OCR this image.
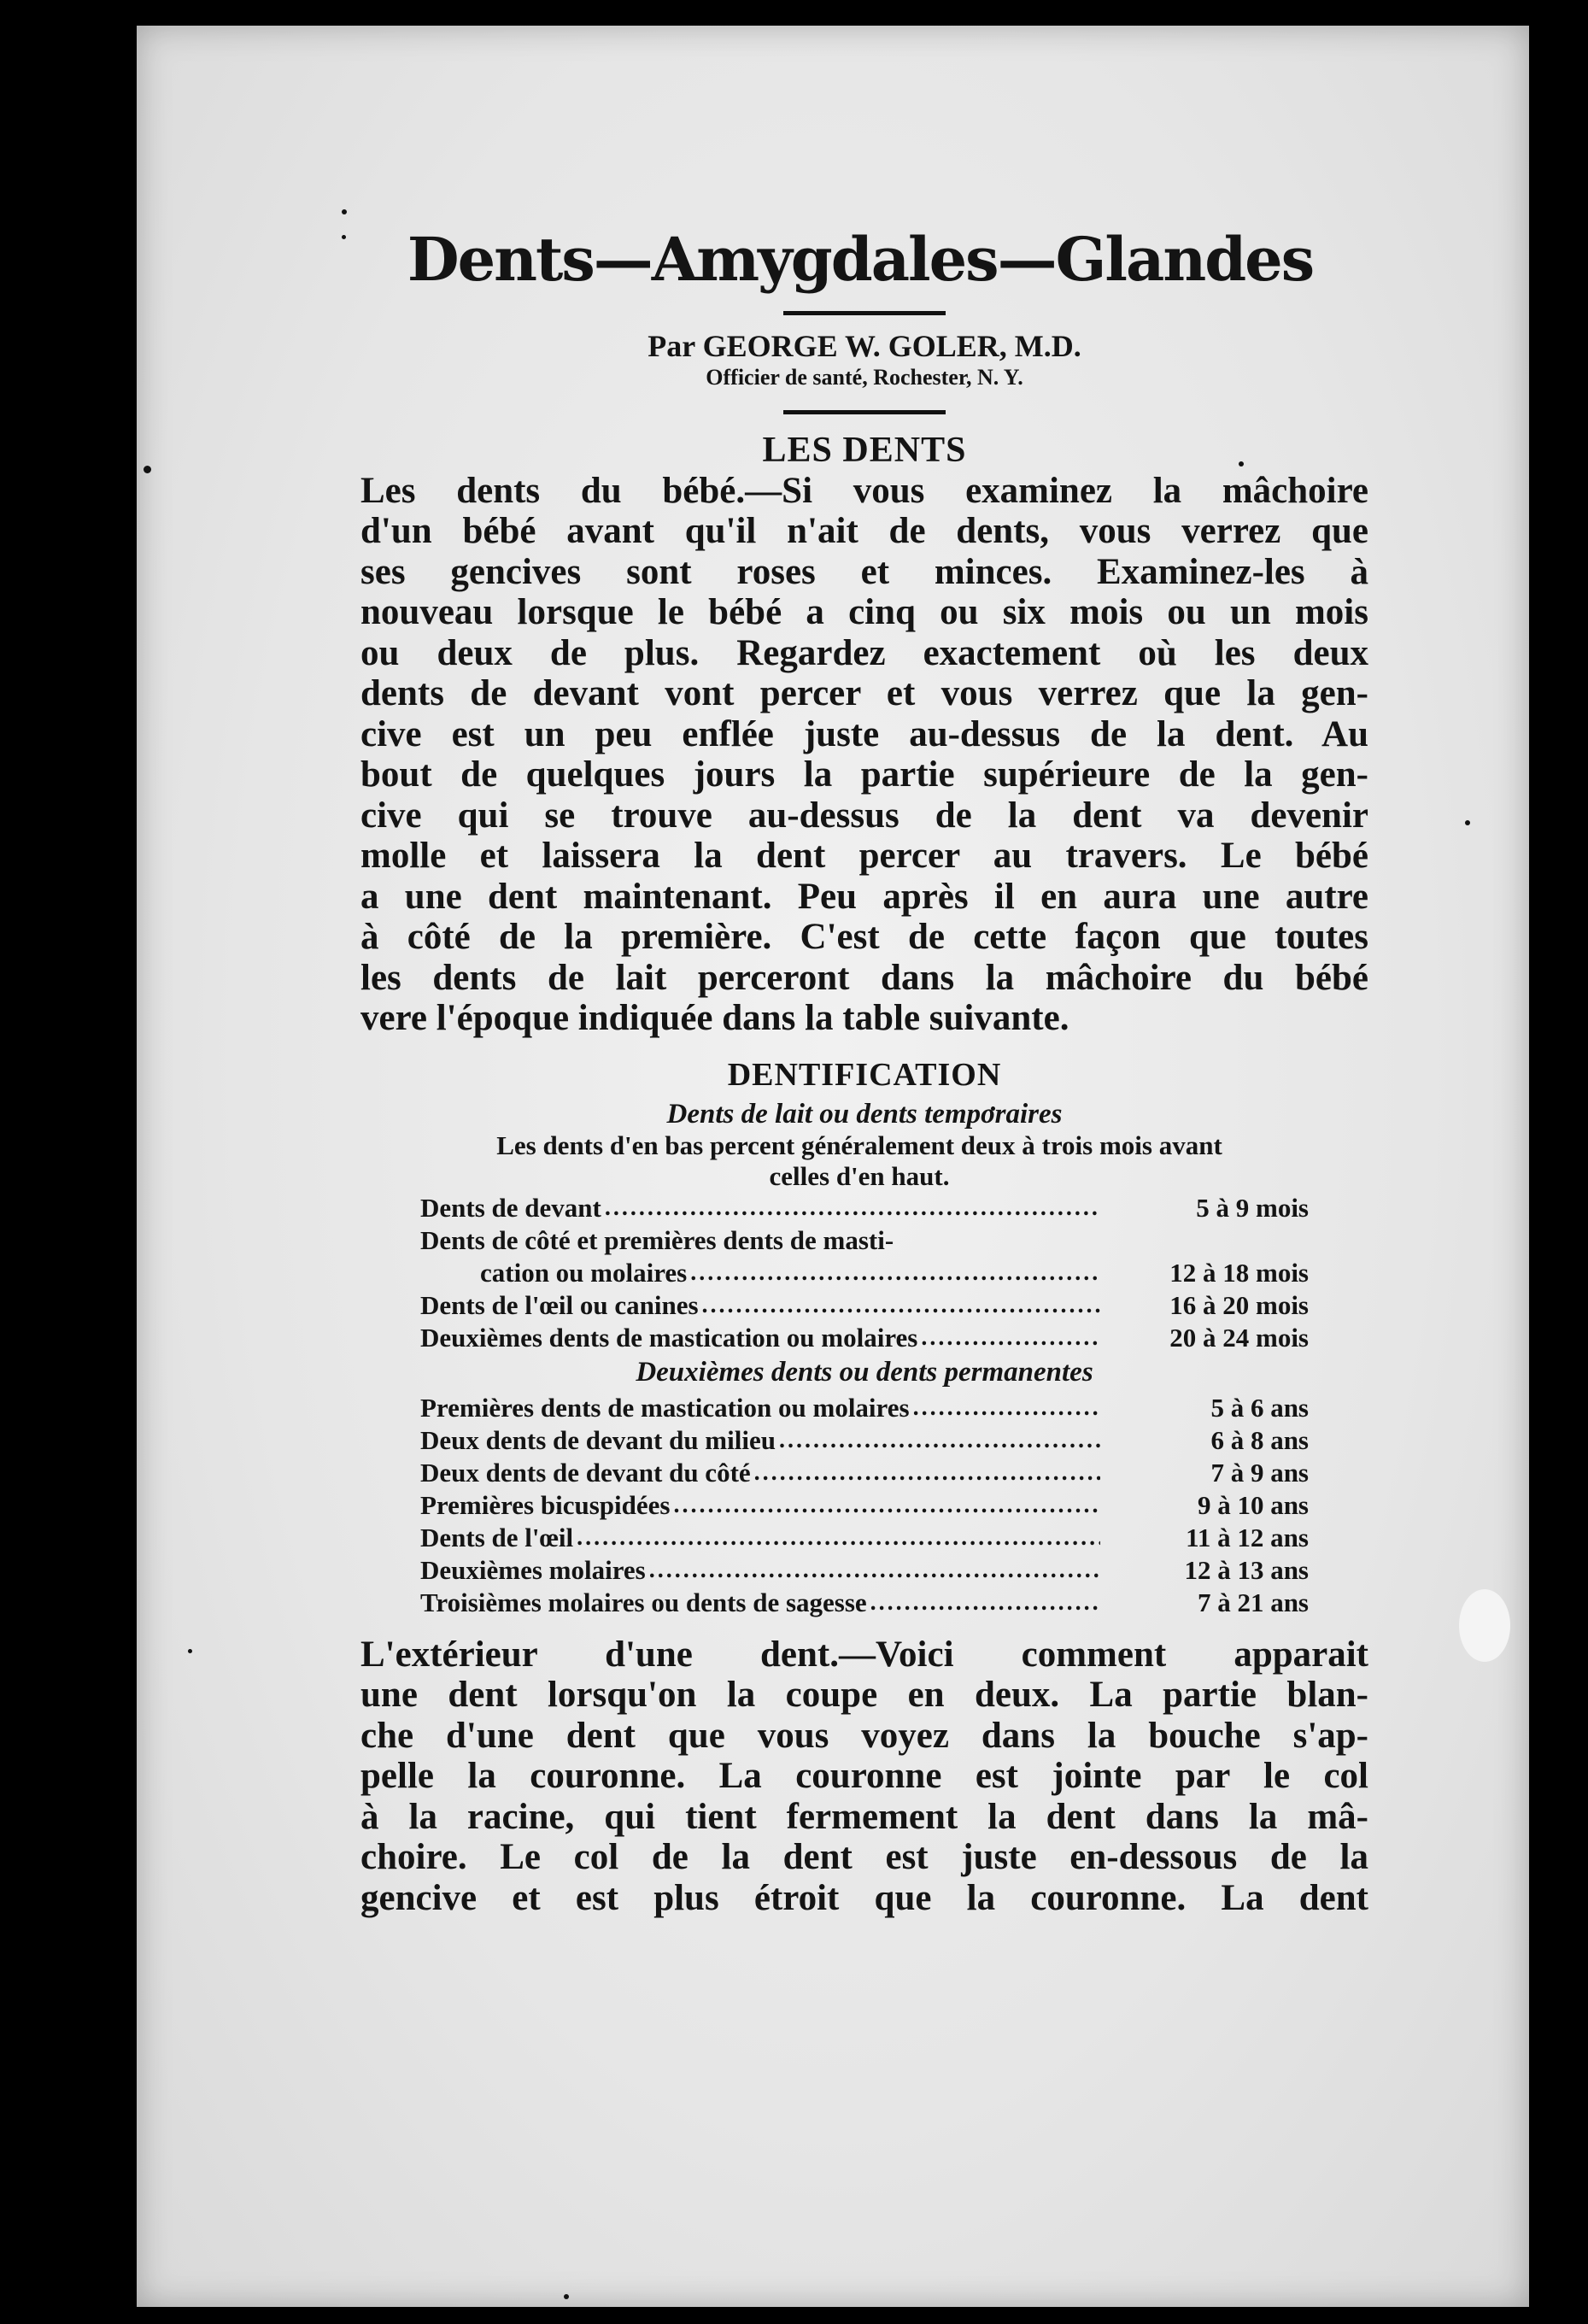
Dents—Amygdales—Glandes
Par GEORGE W. GOLER, M.D.
Officier de santé, Rochester, N. Y.
LES DENTS
Les dents du bébé.—Si vous examinez la mâchoire
d'un bébé avant qu'il n'ait de dents, vous verrez que
ses gencives sont roses et minces. Examinez-les à
nouveau lorsque le bébé a cinq ou six mois ou un mois
ou deux de plus. Regardez exactement où les deux
dents de devant vont percer et vous verrez que la gen-
cive est un peu enflée juste au-dessus de la dent. Au
bout de quelques jours la partie supérieure de la gen-
cive qui se trouve au-dessus de la dent va devenir
molle et laissera la dent percer au travers. Le bébé
a une dent maintenant. Peu après il en aura une autre
à côté de la première. C'est de cette façon que toutes
les dents de lait perceront dans la mâchoire du bébé
vere l'époque indiquée dans la table suivante.
DENTIFICATION
Dents de lait ou dents temporaires
Les dents d'en bas percent généralement deux à trois mois avant
celles d'en haut.
Dents de devant .....	5 à 9 mois
Dents de côté et premières dents de masti-
cation ou molaires .....	12 à 18 mois
Dents de l'œil ou canines .....	16 à 20 mois
Deuxièmes dents de mastication ou molaires .....	20 à 24 mois
Deuxièmes dents ou dents permanentes
Premières dents de mastication ou molaires .....	5 à 6 ans
Deux dents de devant du milieu .....	6 à 8 ans
Deux dents de devant du côté .....	7 à 9 ans
Premières bicuspidées .....	9 à 10 ans
Dents de l'œil .....	11 à 12 ans
Deuxièmes molaires .....	12 à 13 ans
Troisièmes molaires ou dents de sagesse .....	7 à 21 ans
L'extérieur d'une dent.—Voici comment apparait
une dent lorsqu'on la coupe en deux. La partie blan-
che d'une dent que vous voyez dans la bouche s'ap-
pelle la couronne. La couronne est jointe par le col
à la racine, qui tient fermement la dent dans la mâ-
choire. Le col de la dent est juste en-dessous de la
gencive et est plus étroit que la couronne. La dent
